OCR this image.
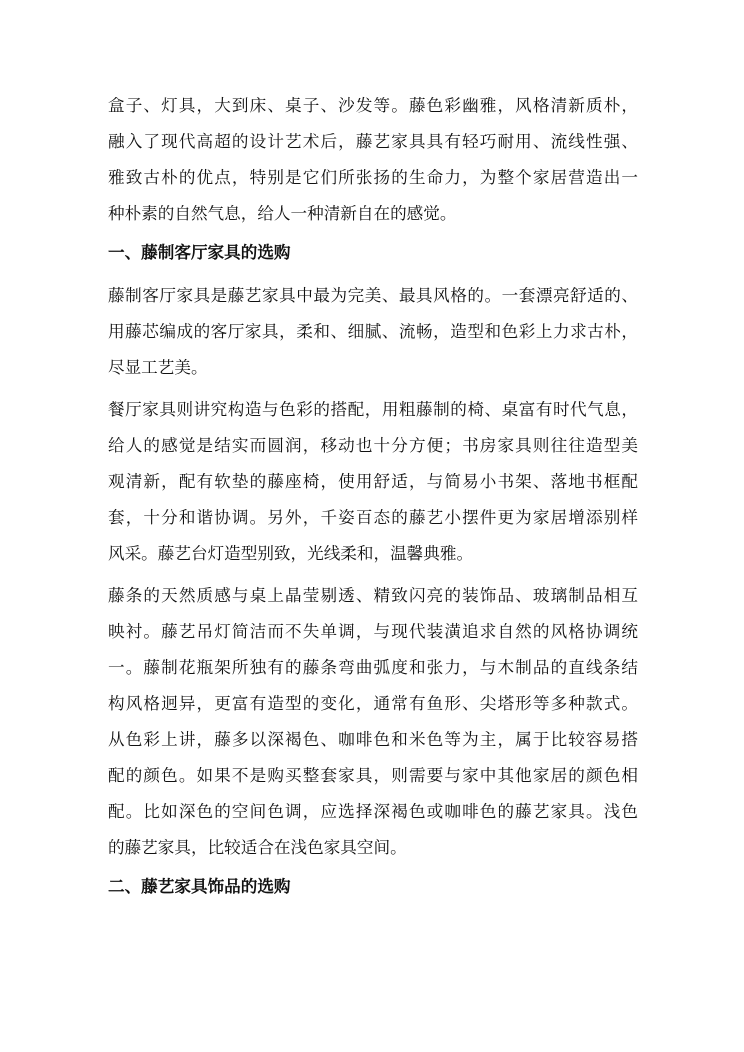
盒子、灯具，大到床、桌子、沙发等。藤色彩幽雅，风格清新质朴，
融入了现代高超的设计艺术后，藤艺家具具有轻巧耐用、流线性强、
雅致古朴的优点，特别是它们所张扬的生命力，为整个家居营造出一
种朴素的自然气息，给人一种清新自在的感觉。

一、藤制客厅家具的选购

藤制客厅家具是藤艺家具中最为完美、最具风格的。一套漂亮舒适的、
用藤芯编成的客厅家具，柔和、细腻、流畅，造型和色彩上力求古朴，
尽显工艺美。

餐厅家具则讲究构造与色彩的搭配，用粗藤制的椅、桌富有时代气息，
给人的感觉是结实而圆润，移动也十分方便；书房家具则往往造型美
观清新，配有软垫的藤座椅，使用舒适，与简易小书架、落地书框配
套，十分和谐协调。另外，千姿百态的藤艺小摆件更为家居增添别样
风采。藤艺台灯造型别致，光线柔和，温馨典雅。

藤条的天然质感与桌上晶莹剔透、精致闪亮的装饰品、玻璃制品相互
映衬。藤艺吊灯简洁而不失单调，与现代装潢追求自然的风格协调统
一。藤制花瓶架所独有的藤条弯曲弧度和张力，与木制品的直线条结
构风格迥异，更富有造型的变化，通常有鱼形、尖塔形等多种款式。
从色彩上讲，藤多以深褐色、咖啡色和米色等为主，属于比较容易搭
配的颜色。如果不是购买整套家具，则需要与家中其他家居的颜色相
配。比如深色的空间色调，应选择深褐色或咖啡色的藤艺家具。浅色
的藤艺家具，比较适合在浅色家具空间。

二、藤艺家具饰品的选购
